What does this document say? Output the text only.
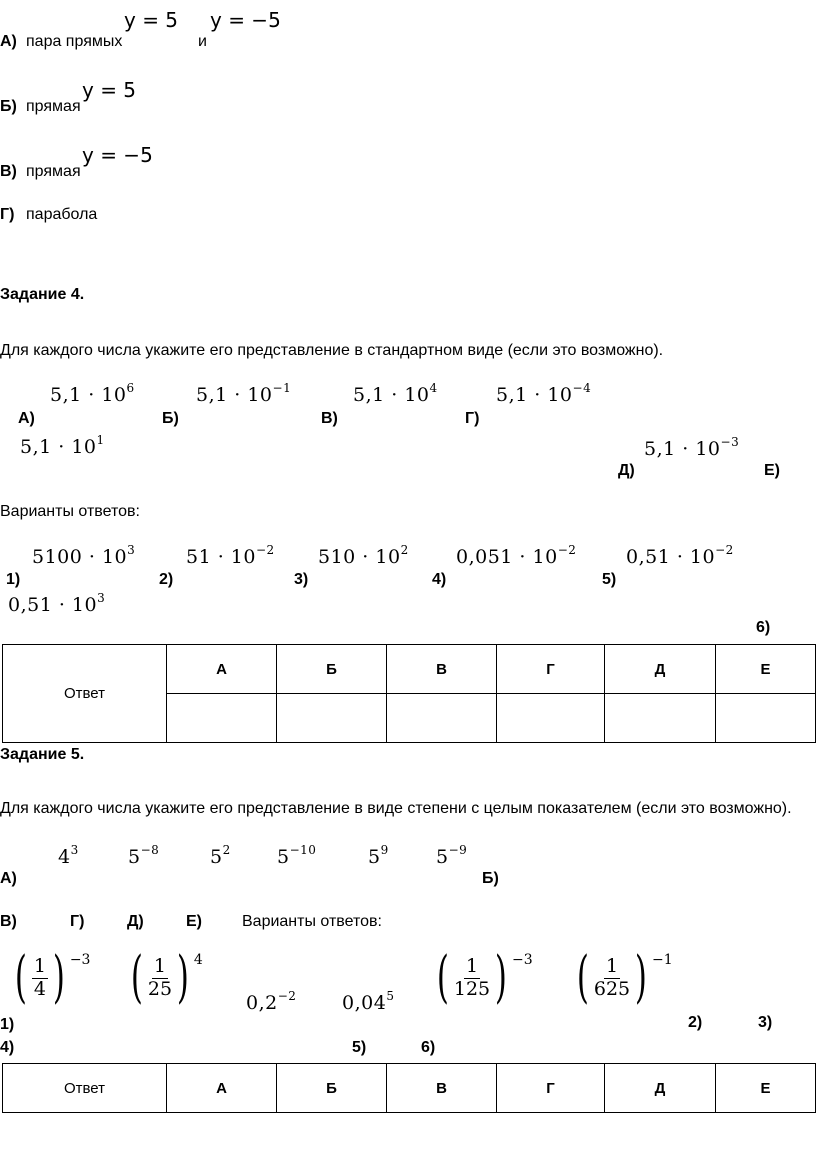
А) пара прямых
y = 5
и
y = −5
Б) прямая
y = 5
В) прямая
y = −5
Г) парабола
Задание 4.
Для каждого числа укажите его представление в стандартном виде (если это возможно).
$5,1 \cdot 10^6$
А)
$5,1 \cdot 10^{-1}$
Б)
$5,1 \cdot 10^4$
В)
$5,1 \cdot 10^{-4}$
Г)
$5,1 \cdot 10^1$
Д)
$5,1 \cdot 10^{-3}$
Е)
Варианты ответов:
$5100 \cdot 10^3$
1)
$51 \cdot 10^{-2}$
2)
$510 \cdot 10^2$
3)
$0,051 \cdot 10^{-2}$
4)
$0,51 \cdot 10^{-2}$
5)
$0,51 \cdot 10^3$
6)
Ответ	А	Б	В	Г	Д	Е

Задание 5.
Для каждого числа укажите его представление в виде степени с целым показателем (если это возможно).
$4^3$	$5^{-8}$	$5^2$ $5^{-10}$	$5^9$ $5^{-9}$
А)	Б)
В)	Г)	Д)	Е)	Варианты ответов:
( 1
4 ) −3 ( 1
25 ) 4
$0,2^{-2}$ 0,04$^5$ ( 1
125 ) −3 ( 1
625 ) −1
1)	2)	3)
4)	5)	6)
Ответ	А	Б	В	Г	Д	Е
